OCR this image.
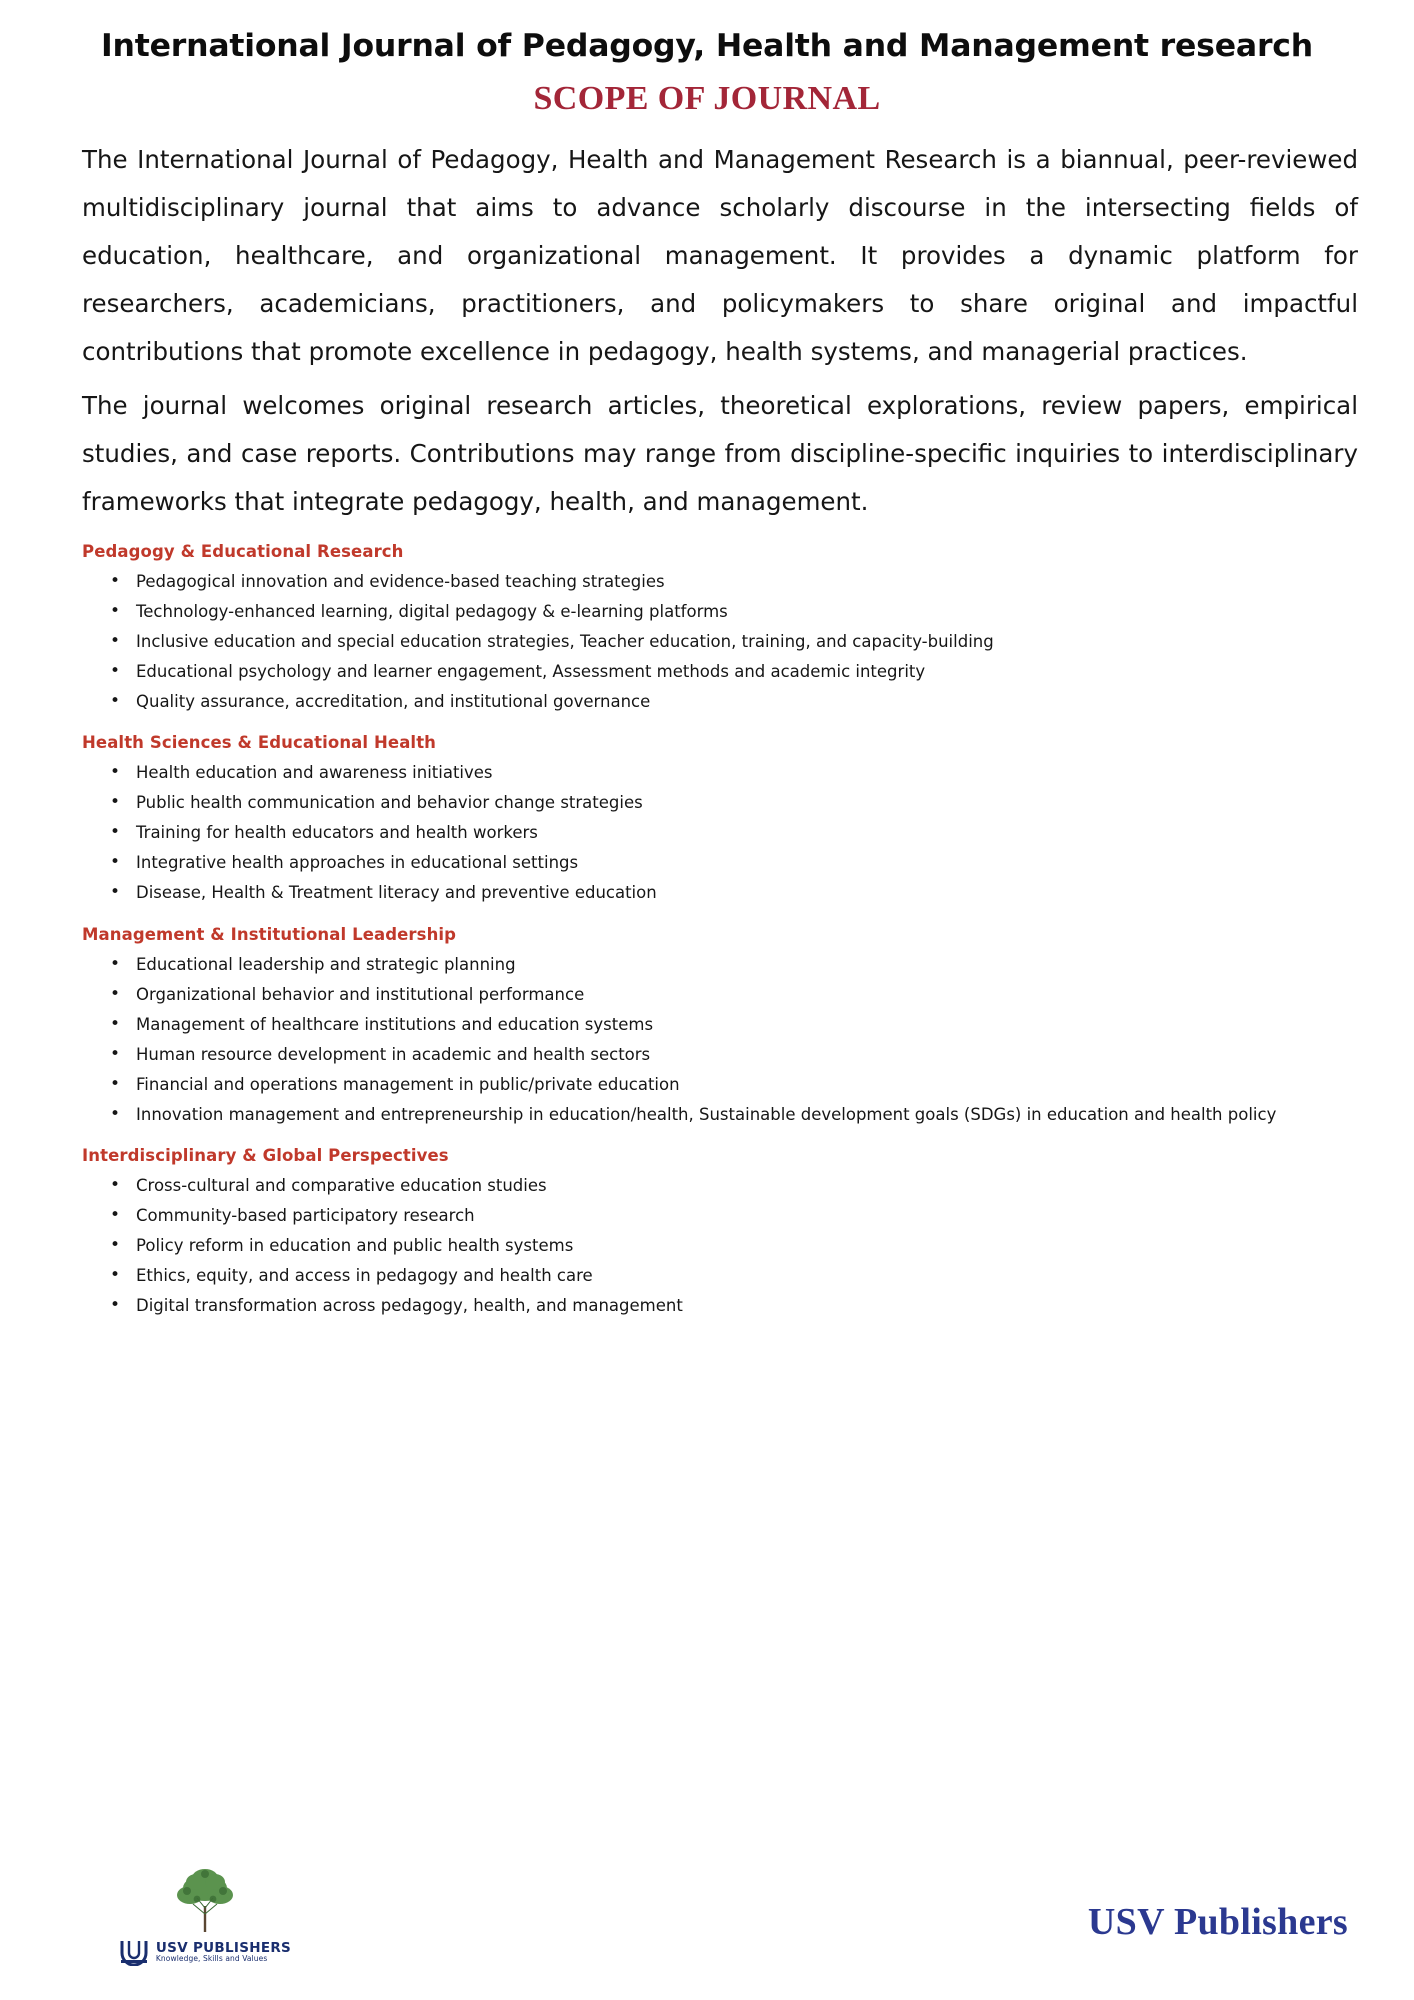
International Journal of Pedagogy, Health and Management research
SCOPE OF JOURNAL

The International Journal of Pedagogy, Health and Management Research is a biannual, peer-reviewed multidisciplinary journal that aims to advance scholarly discourse in the intersecting fields of education, healthcare, and organizational management. It provides a dynamic platform for researchers, academicians, practitioners, and policymakers to share original and impactful contributions that promote excellence in pedagogy, health systems, and managerial practices.

The journal welcomes original research articles, theoretical explorations, review papers, empirical studies, and case reports. Contributions may range from discipline-specific inquiries to interdisciplinary frameworks that integrate pedagogy, health, and management.

Pedagogy & Educational Research
• Pedagogical innovation and evidence-based teaching strategies
• Technology-enhanced learning, digital pedagogy & e-learning platforms
• Inclusive education and special education strategies, Teacher education, training, and capacity-building
• Educational psychology and learner engagement, Assessment methods and academic integrity
• Quality assurance, accreditation, and institutional governance
Health Sciences & Educational Health
• Health education and awareness initiatives
• Public health communication and behavior change strategies
• Training for health educators and health workers
• Integrative health approaches in educational settings
• Disease, Health & Treatment literacy and preventive education
Management & Institutional Leadership
• Educational leadership and strategic planning
• Organizational behavior and institutional performance
• Management of healthcare institutions and education systems
• Human resource development in academic and health sectors
• Financial and operations management in public/private education
• Innovation management and entrepreneurship in education/health, Sustainable development goals (SDGs) in education and health policy
Interdisciplinary & Global Perspectives
• Cross-cultural and comparative education studies
• Community-based participatory research
• Policy reform in education and public health systems
• Ethics, equity, and access in pedagogy and health care
• Digital transformation across pedagogy, health, and management
USV PUBLISHERS
Knowledge, Skills and Values
USV Publishers
